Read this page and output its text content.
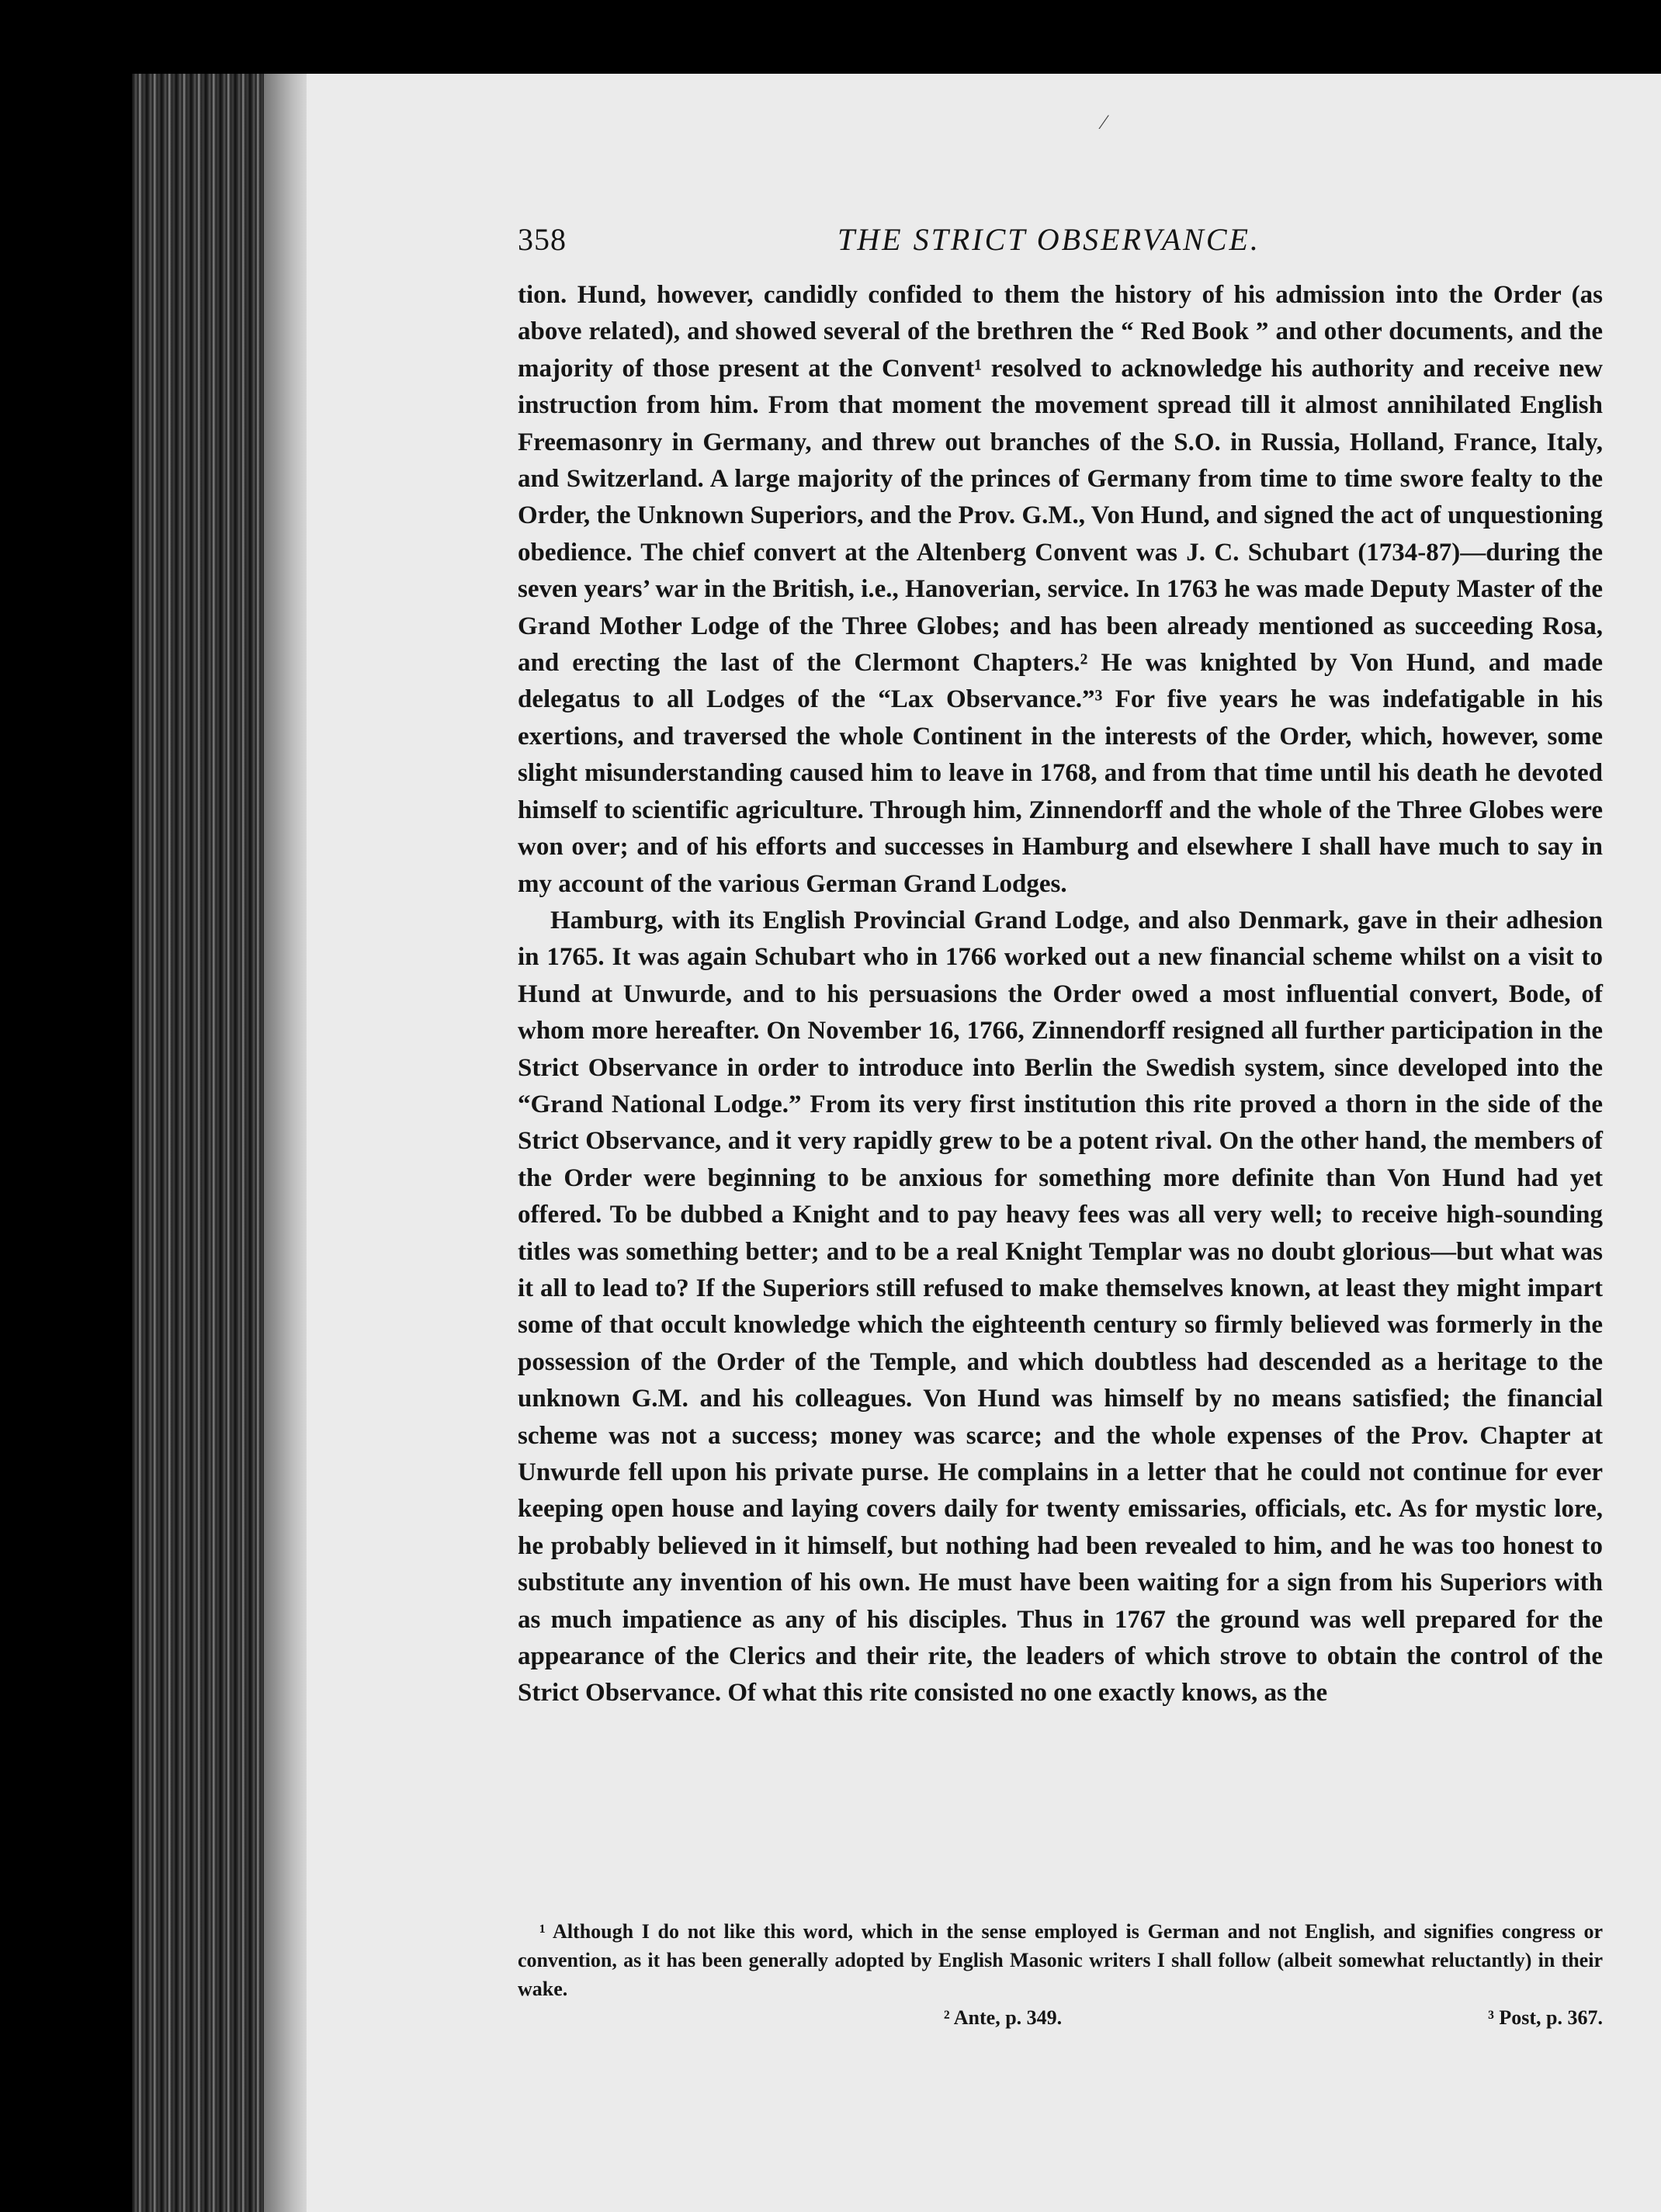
⁄
358	THE STRICT OBSERVANCE.

tion. Hund, however, candidly confided to them the history of his admission into the Order (as above related), and showed several of the brethren the “ Red Book ” and other documents, and the majority of those present at the Convent¹ resolved to acknowledge his authority and receive new instruction from him. From that moment the movement spread till it almost annihilated English Freemasonry in Germany, and threw out branches of the S.O. in Russia, Holland, France, Italy, and Switzerland. A large majority of the princes of Germany from time to time swore fealty to the Order, the Unknown Superiors, and the Prov. G.M., Von Hund, and signed the act of unquestioning obedience. The chief convert at the Altenberg Convent was J. C. Schubart (1734-87)—during the seven years’ war in the British, i.e., Hanoverian, service. In 1763 he was made Deputy Master of the Grand Mother Lodge of the Three Globes; and has been already mentioned as succeeding Rosa, and erecting the last of the Clermont Chapters.² He was knighted by Von Hund, and made delegatus to all Lodges of the “Lax Observance.”³ For five years he was indefatigable in his exertions, and traversed the whole Continent in the interests of the Order, which, however, some slight misunderstanding caused him to leave in 1768, and from that time until his death he devoted himself to scientific agriculture. Through him, Zinnendorff and the whole of the Three Globes were won over; and of his efforts and successes in Hamburg and elsewhere I shall have much to say in my account of the various German Grand Lodges.

Hamburg, with its English Provincial Grand Lodge, and also Denmark, gave in their adhesion in 1765. It was again Schubart who in 1766 worked out a new financial scheme whilst on a visit to Hund at Unwurde, and to his persuasions the Order owed a most influential convert, Bode, of whom more hereafter. On November 16, 1766, Zinnendorff resigned all further participation in the Strict Observance in order to introduce into Berlin the Swedish system, since developed into the “Grand National Lodge.” From its very first institution this rite proved a thorn in the side of the Strict Observance, and it very rapidly grew to be a potent rival. On the other hand, the members of the Order were beginning to be anxious for something more definite than Von Hund had yet offered. To be dubbed a Knight and to pay heavy fees was all very well; to receive high-sounding titles was something better; and to be a real Knight Templar was no doubt glorious—but what was it all to lead to? If the Superiors still refused to make themselves known, at least they might impart some of that occult knowledge which the eighteenth century so firmly believed was formerly in the possession of the Order of the Temple, and which doubtless had descended as a heritage to the unknown G.M. and his colleagues. Von Hund was himself by no means satisfied; the financial scheme was not a success; money was scarce; and the whole expenses of the Prov. Chapter at Unwurde fell upon his private purse. He complains in a letter that he could not continue for ever keeping open house and laying covers daily for twenty emissaries, officials, etc. As for mystic lore, he probably believed in it himself, but nothing had been revealed to him, and he was too honest to substitute any invention of his own. He must have been waiting for a sign from his Superiors with as much impatience as any of his disciples. Thus in 1767 the ground was well prepared for the appearance of the Clerics and their rite, the leaders of which strove to obtain the control of the Strict Observance. Of what this rite consisted no one exactly knows, as the

¹ Although I do not like this word, which in the sense employed is German and not English, and signifies congress or convention, as it has been generally adopted by English Masonic writers I shall follow (albeit somewhat reluctantly) in their wake.

² Ante, p. 349.	³ Post, p. 367.
